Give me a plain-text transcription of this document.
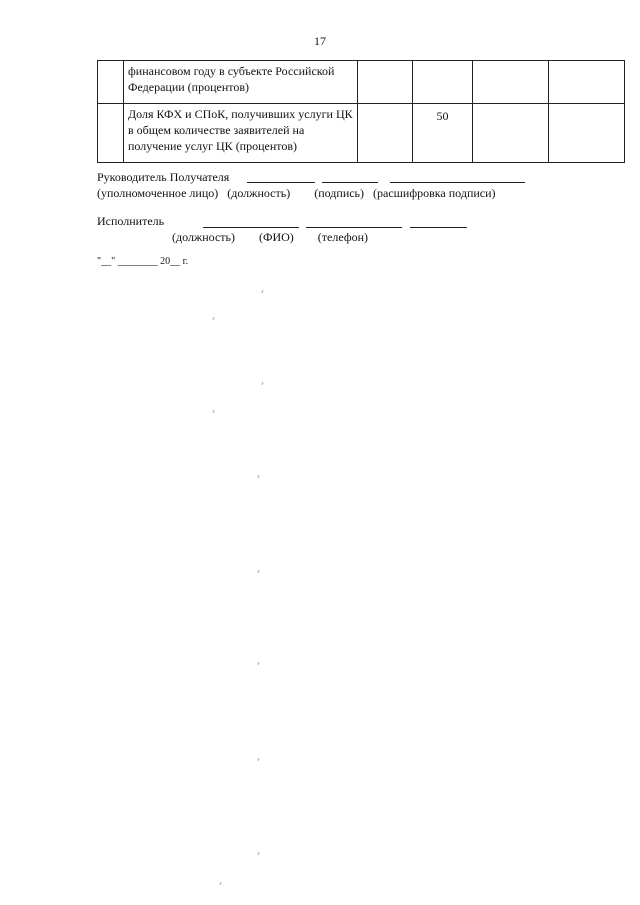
17
	финансовом году в субъекте Российской Федерации (процентов)				
	Доля КФХ и СПоК, получивших услуги ЦК в общем количестве заявителей на получение услуг ЦК (процентов)		50		
Руководитель Получателя
(уполномоченное лицо)   (должность)        (подпись)   (расшифровка подписи)
Исполнитель
(должность)        (ФИО)        (телефон)
"__" ________ 20__ г.
